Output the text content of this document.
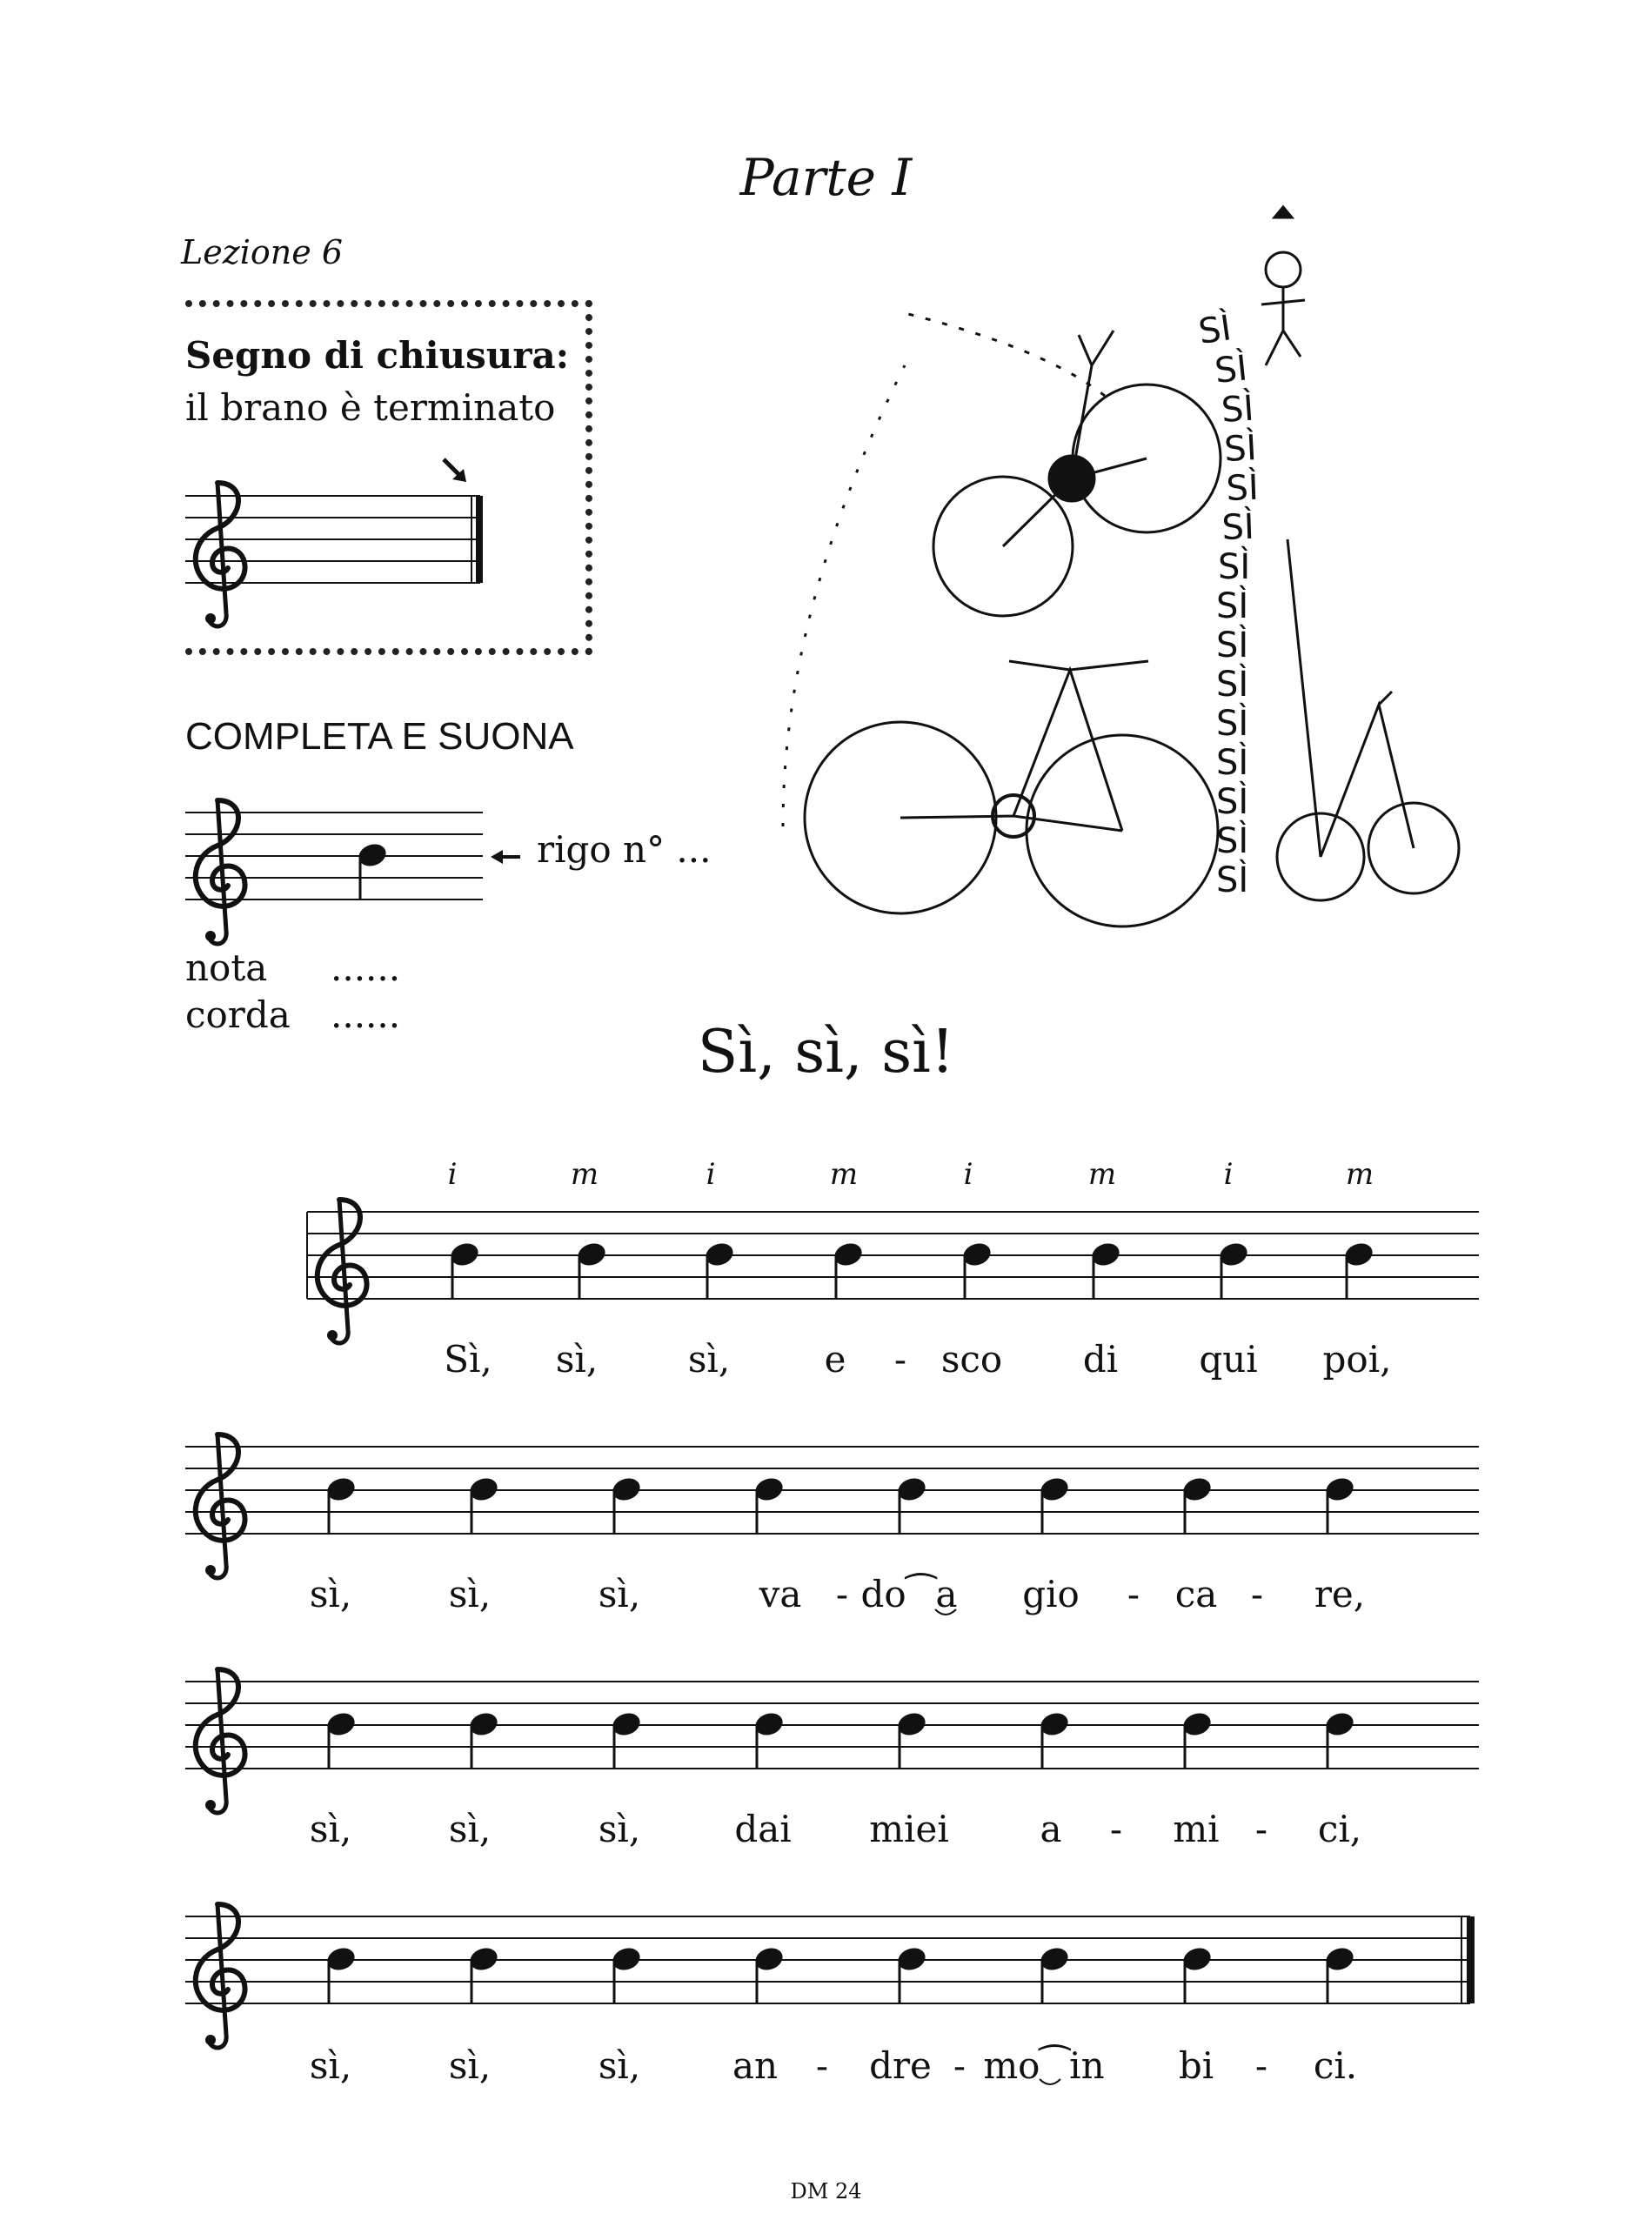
Parte I
Lezione 6
Segno di chiusura:
il brano è terminato
COMPLETA E SUONA
rigo n° ...
nota ......
corda ......
Sì, sì, sì!
i	m	i	m	i	m	i	m
Sì,	sì,	sì,	e	- sco	di	qui	poi,
sì,	sì,	sì,	va - do⁀a	gio	- ca -	re,
sì,	sì,	sì,	dai	miei	a	-	mi -	ci,
sì,	sì,	sì,	an	-	dre - mo⁀in	bi	-	ci.
DM 24
SÌ
SÌ
SÌ
SÌ
SÌ
SÌ
SÌ
SÌ
SÌ
SÌ
SÌ
SÌ
SÌ
SÌ
SÌ
